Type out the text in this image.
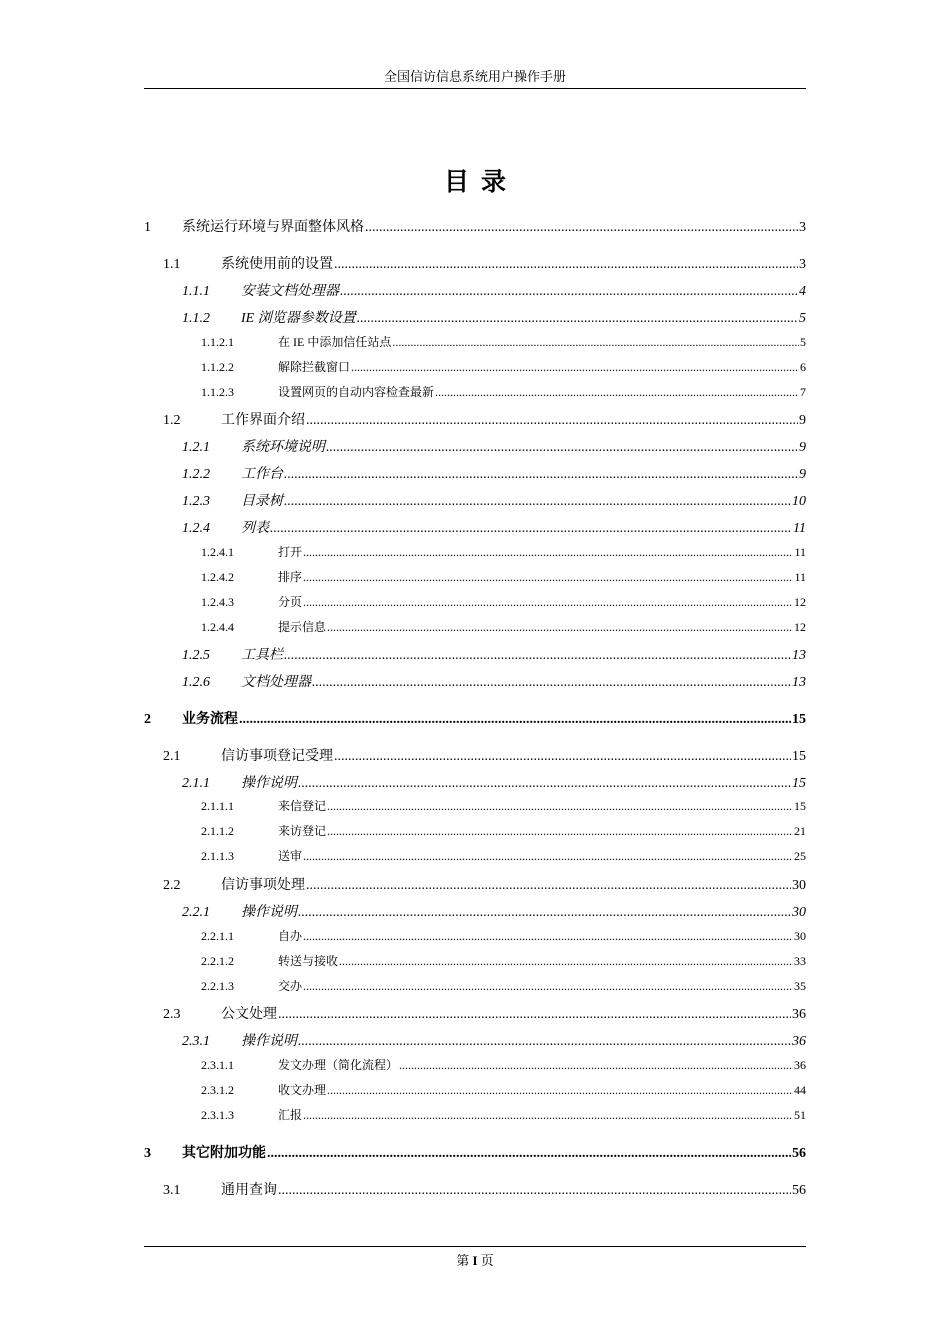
全国信访信息系统用户操作手册
目录
1	系统运行环境与界面整体风格 .....	3
1.1	系统使用前的设置 .....	3
1.1.1	安装文档处理器 .....	4
1.1.2	IE 浏览器参数设置 .....	5
1.1.2.1	在 IE 中添加信任站点 .....	5
1.1.2.2	解除拦截窗口 .....	6
1.1.2.3	设置网页的自动内容检查最新 .....	7
1.2	工作界面介绍 .....	9
1.2.1	系统环境说明 .....	9
1.2.2	工作台 .....	9
1.2.3	目录树 .....	10
1.2.4	列表 .....	11
1.2.4.1	打开 .....	11
1.2.4.2	排序 .....	11
1.2.4.3	分页 .....	12
1.2.4.4	提示信息 .....	12
1.2.5	工具栏 .....	13
1.2.6	文档处理器 .....	13
2	业务流程 .....	15
2.1	信访事项登记受理 .....	15
2.1.1	操作说明 .....	15
2.1.1.1	来信登记 .....	15
2.1.1.2	来访登记 .....	21
2.1.1.3	送审 .....	25
2.2	信访事项处理 .....	30
2.2.1	操作说明 .....	30
2.2.1.1	自办 .....	30
2.2.1.2	转送与接收 .....	33
2.2.1.3	交办 .....	35
2.3	公文处理 .....	36
2.3.1	操作说明 .....	36
2.3.1.1	发文办理（简化流程） .....	36
2.3.1.2	收文办理 .....	44
2.3.1.3	汇报 .....	51
3	其它附加功能 .....	56
3.1	通用查询 .....	56
第 I 页
